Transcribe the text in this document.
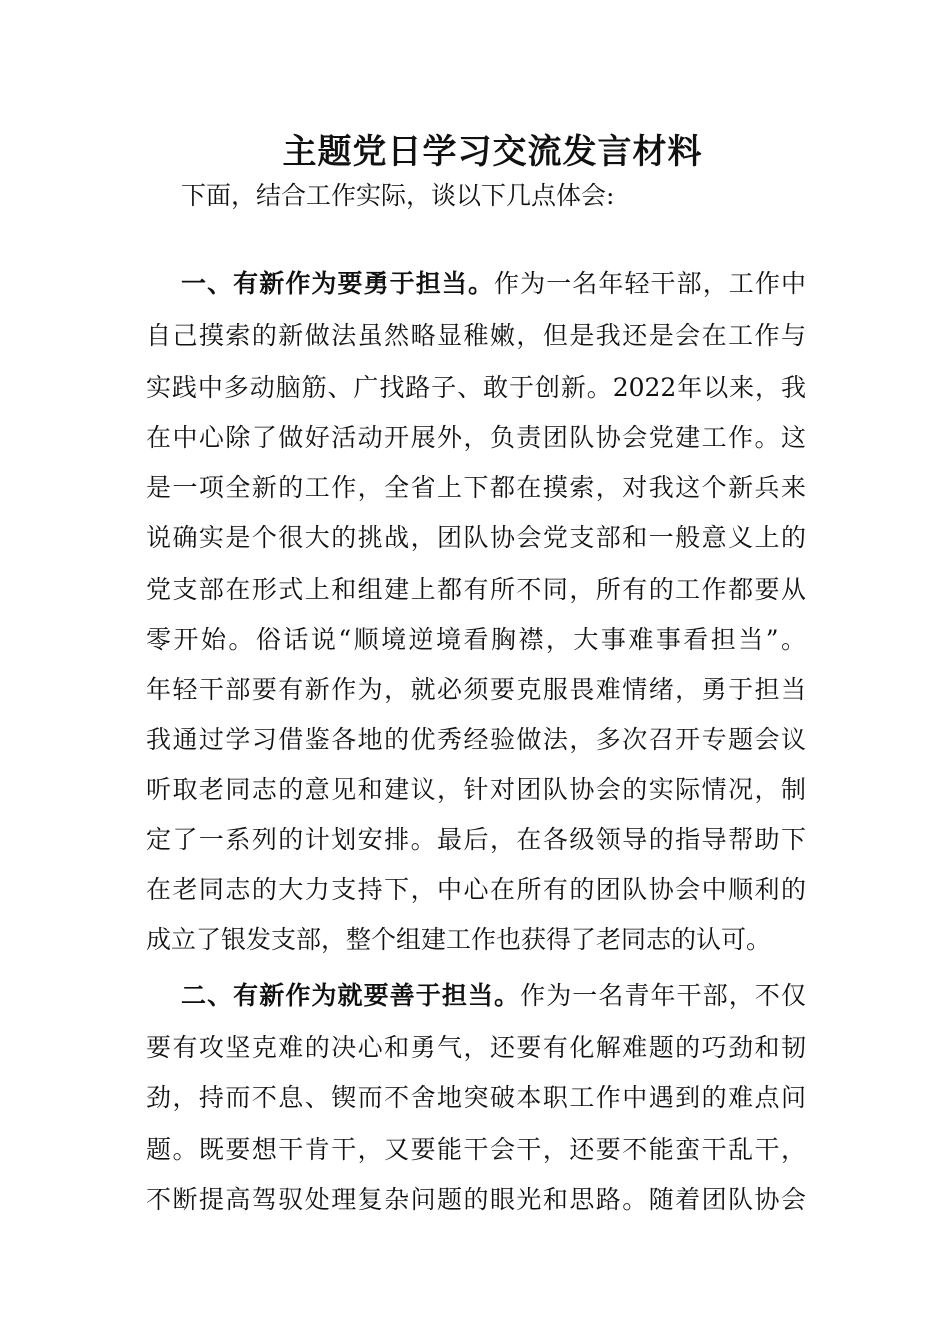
主题党日学习交流发言材料

下面，结合工作实际，谈以下几点体会:

一、有新作为要勇于担当。作为一名年轻干部，工作中

自己摸索的新做法虽然略显稚嫩，但是我还是会在工作与

实践中多动脑筋、广找路子、敢于创新。2022年以来，我

在中心除了做好活动开展外，负责团队协会党建工作。这

是一项全新的工作，全省上下都在摸索，对我这个新兵来

说确实是个很大的挑战，团队协会党支部和一般意义上的

党支部在形式上和组建上都有所不同，所有的工作都要从

零开始。俗话说“顺境逆境看胸襟，大事难事看担当”。

年轻干部要有新作为，就必须要克服畏难情绪，勇于担当

我通过学习借鉴各地的优秀经验做法，多次召开专题会议

听取老同志的意见和建议，针对团队协会的实际情况，制

定了一系列的计划安排。最后，在各级领导的指导帮助下

在老同志的大力支持下，中心在所有的团队协会中顺利的

成立了银发支部，整个组建工作也获得了老同志的认可。

二、有新作为就要善于担当。作为一名青年干部，不仅

要有攻坚克难的决心和勇气，还要有化解难题的巧劲和韧

劲，持而不息、锲而不舍地突破本职工作中遇到的难点问

题。既要想干肯干，又要能干会干，还要不能蛮干乱干，

不断提高驾驭处理复杂问题的眼光和思路。随着团队协会
